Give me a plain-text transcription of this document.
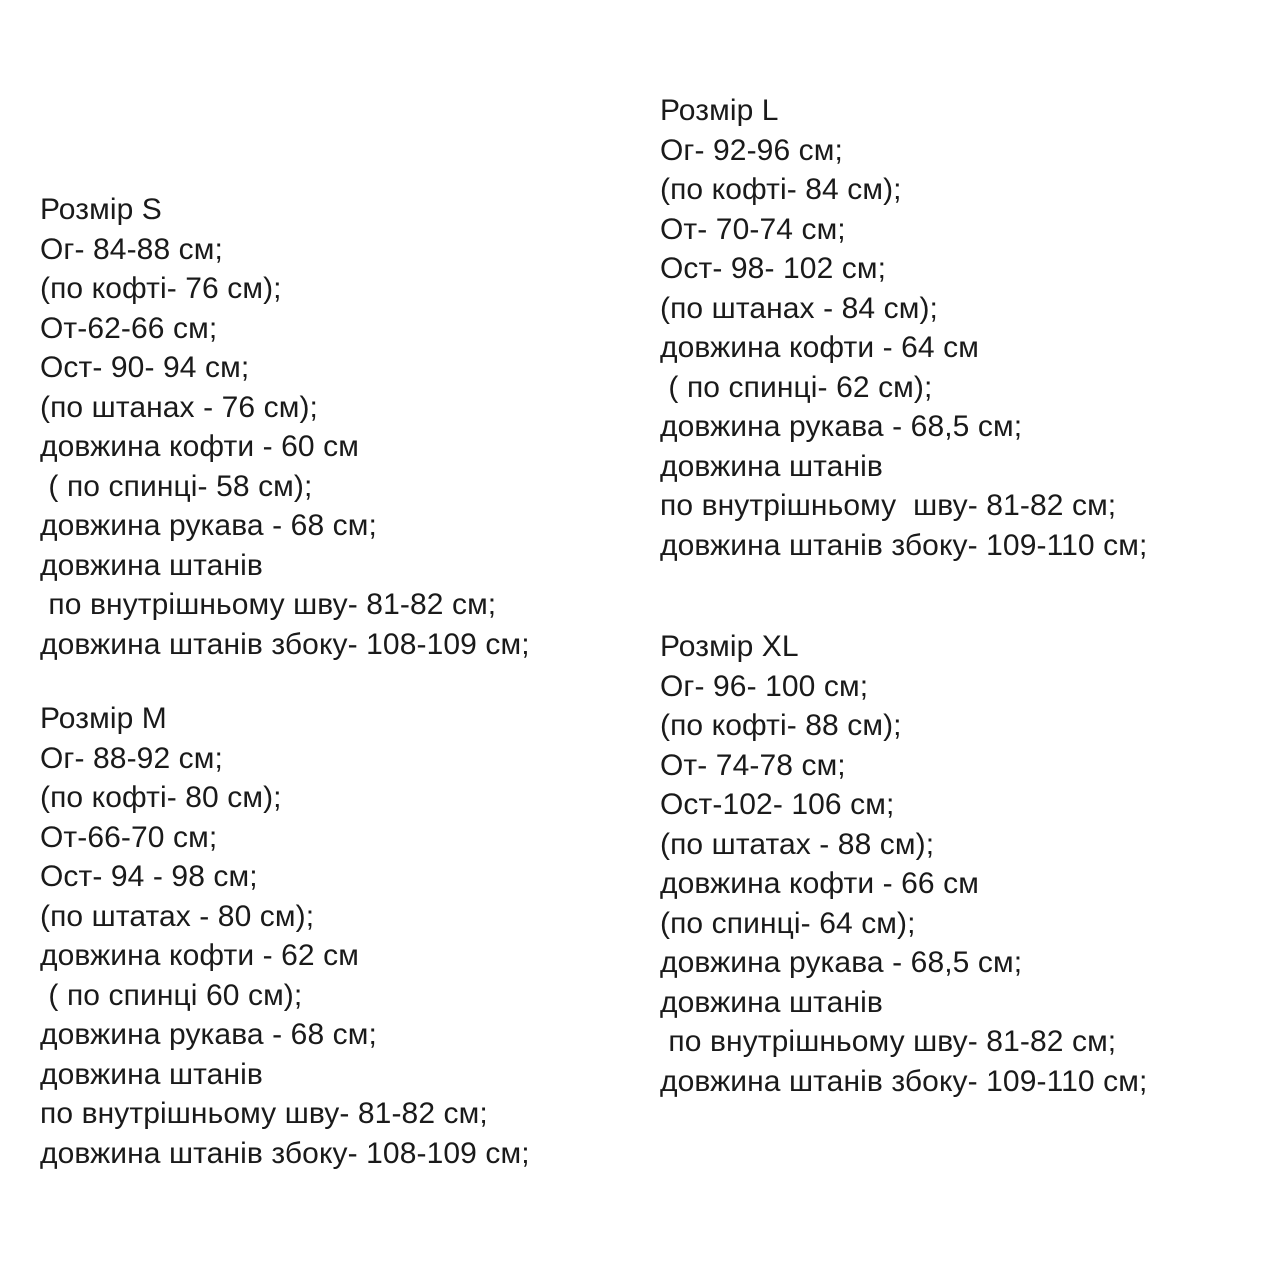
Розмір S
Ог- 84-88 см;
(по кофті- 76 см);
От-62-66 см;
Ост- 90- 94 см;
(по штанах - 76 см);
довжина кофти - 60 см
( по спинці- 58 см);
довжина рукава - 68 см;
довжина штанів
по внутрішньому шву- 81-82 см;
довжина штанів збоку- 108-109 см;
Розмір M
Ог- 88-92 см;
(по кофті- 80 см);
От-66-70 см;
Ост- 94 - 98 см;
(по штатах - 80 см);
довжина кофти - 62 см
( по спинці 60 см);
довжина рукава - 68 см;
довжина штанів
по внутрішньому шву- 81-82 см;
довжина штанів збоку- 108-109 см;
Розмір L
Ог- 92-96 см;
(по кофті- 84 см);
От- 70-74 см;
Ост- 98- 102 см;
(по штанах - 84 см);
довжина кофти - 64 см
( по спинці- 62 см);
довжина рукава - 68,5 см;
довжина штанів
по внутрішньому  шву- 81-82 см;
довжина штанів збоку- 109-110 см;
Розмір XL
Ог- 96- 100 см;
(по кофті- 88 см);
От- 74-78 см;
Ост-102- 106 см;
(по штатах - 88 см);
довжина кофти - 66 см
(по спинці- 64 см);
довжина рукава - 68,5 см;
довжина штанів
по внутрішньому шву- 81-82 см;
довжина штанів збоку- 109-110 см;
